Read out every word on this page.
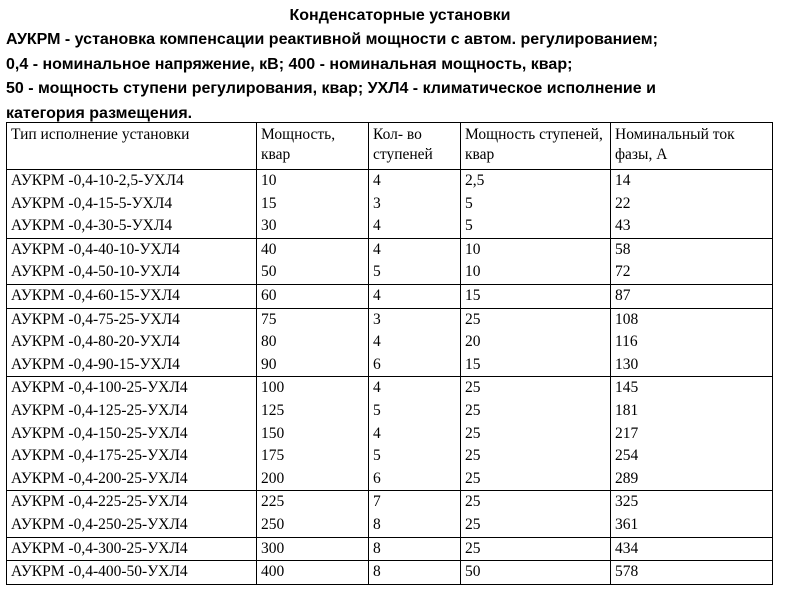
Конденсаторные установки
АУКРМ - установка компенсации реактивной мощности с автом. регулированием;
0,4 - номинальное напряжение, кВ; 400 - номинальная мощность, квар;
50 - мощность ступени регулирования, квар; УХЛ4 - климатическое исполнение и
категория размещения.
Тип исполнение установки	Мощность, квар	Кол- во ступеней	Мощность ступеней, квар	Номинальный ток фазы, А
АУКРМ -0,4-10-2,5-УХЛ4	10	4	2,5	14
АУКРМ -0,4-15-5-УХЛ4	15	3	5	22
АУКРМ -0,4-30-5-УХЛ4	30	4	5	43
АУКРМ -0,4-40-10-УХЛ4	40	4	10	58
АУКРМ -0,4-50-10-УХЛ4	50	5	10	72
АУКРМ -0,4-60-15-УХЛ4	60	4	15	87
АУКРМ -0,4-75-25-УХЛ4	75	3	25	108
АУКРМ -0,4-80-20-УХЛ4	80	4	20	116
АУКРМ -0,4-90-15-УХЛ4	90	6	15	130
АУКРМ -0,4-100-25-УХЛ4	100	4	25	145
АУКРМ -0,4-125-25-УХЛ4	125	5	25	181
АУКРМ -0,4-150-25-УХЛ4	150	4	25	217
АУКРМ -0,4-175-25-УХЛ4	175	5	25	254
АУКРМ -0,4-200-25-УХЛ4	200	6	25	289
АУКРМ -0,4-225-25-УХЛ4	225	7	25	325
АУКРМ -0,4-250-25-УХЛ4	250	8	25	361
АУКРМ -0,4-300-25-УХЛ4	300	8	25	434
АУКРМ -0,4-400-50-УХЛ4	400	8	50	578
